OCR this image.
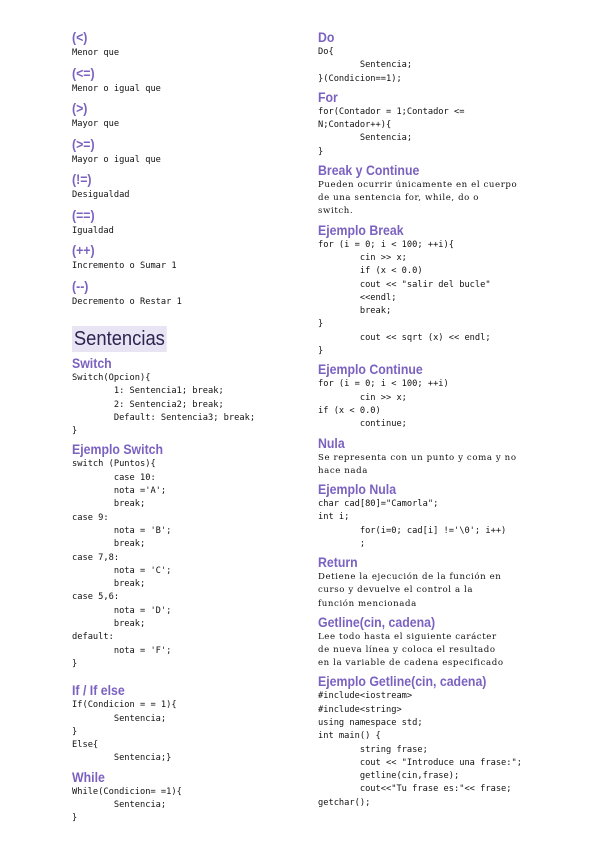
(<)
Menor que
(<=)
Menor o igual que
(>)
Mayor que
(>=)
Mayor o igual que
(!=)
Desigualdad
(==)
Igualdad
(++)
Incremento o Sumar 1
(--)
Decremento o Restar 1
Sentencias
Switch
Switch(Opcion){
1: Sentencia1; break;
2: Sentencia2; break;
Default: Sentencia3; break;
}
Ejemplo Switch
switch (Puntos){
case 10:
nota ='A';
break;
case 9:
nota = 'B';
break;
case 7,8:
nota = 'C';
break;
case 5,6:
nota = 'D';
break;
default:
nota = 'F';
}
If / If else
If(Condicion = = 1){
Sentencia;
}
Else{
Sentencia;}
While
While(Condicion= =1){
Sentencia;
}
Do
Do{
Sentencia;
}(Condicion==1);
For
for(Contador = 1;Contador <=
N;Contador++){
Sentencia;
}
Break y Continue
Pueden ocurrir únicamente en el cuerpo
de una sentencia for, while, do o
switch.
Ejemplo Break
for (i = 0; i < 100; ++i){
cin >> x;
if (x < 0.0)
cout << "salir del bucle"
<<endl;
break;
}
cout << sqrt (x) << endl;
}
Ejemplo Continue
for (i = 0; i < 100; ++i)
cin >> x;
if (x < 0.0)
continue;
Nula
Se representa con un punto y coma y no
hace nada
Ejemplo Nula
char cad[80]="Camorla";
int i;
for(i=0; cad[i] !='\0'; i++)
;
Return
Detiene la ejecución de la función en
curso y devuelve el control a la
función mencionada
Getline(cin, cadena)
Lee todo hasta el siguiente carácter
de nueva línea y coloca el resultado
en la variable de cadena especificado
Ejemplo Getline(cin, cadena)
#include<iostream>
#include<string>
using namespace std;
int main() {
string frase;
cout << "Introduce una frase:";
getline(cin,frase);
cout<<"Tu frase es:"<< frase;
getchar();
